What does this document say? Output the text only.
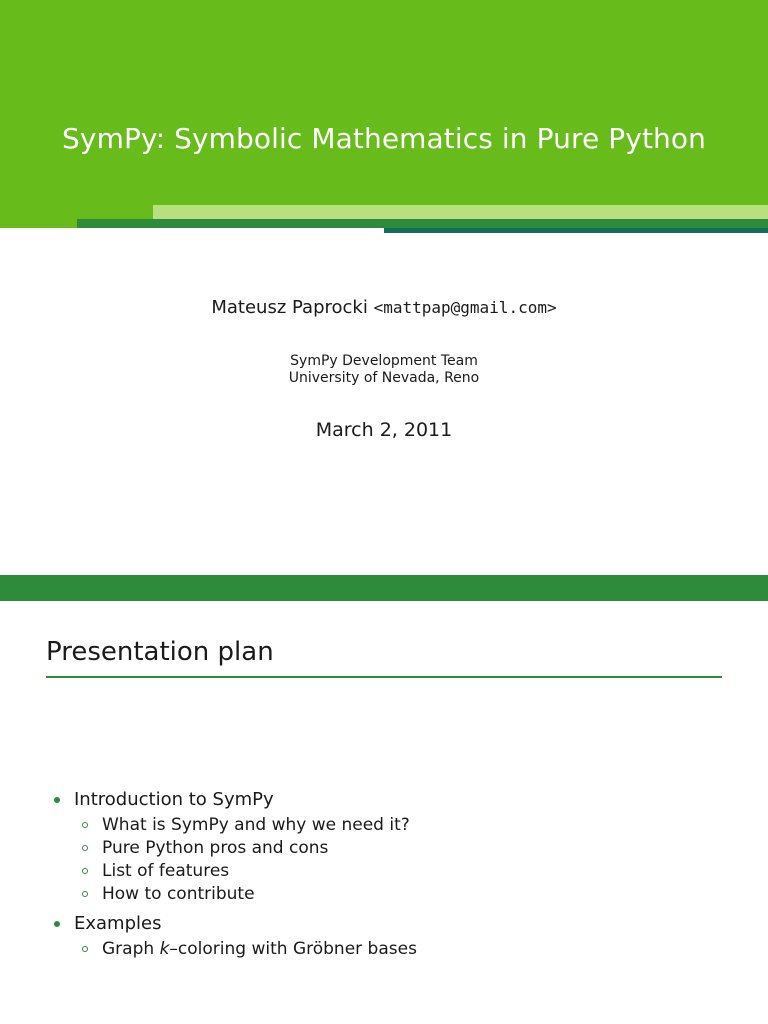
SymPy: Symbolic Mathematics in Pure Python
Mateusz Paprocki <mattpap@gmail.com>
SymPy Development Team
University of Nevada, Reno
March 2, 2011
Presentation plan
Introduction to SymPy
What is SymPy and why we need it?
Pure Python pros and cons
List of features
How to contribute
Examples
Graph k–coloring with Gröbner bases
